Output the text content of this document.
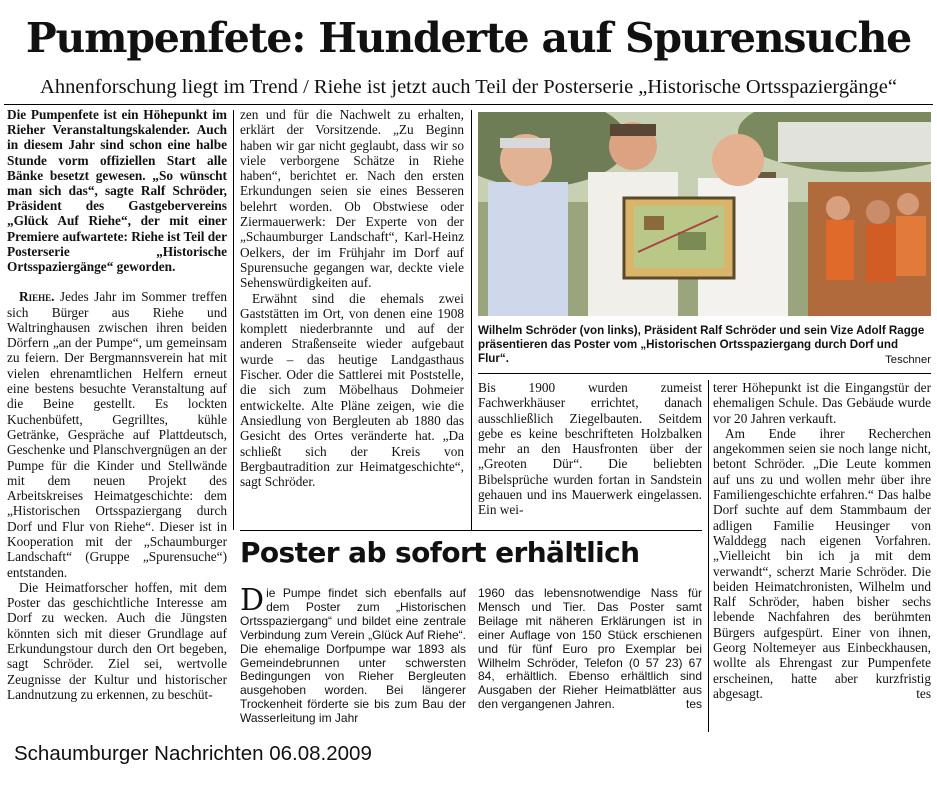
Pumpenfete: Hunderte auf Spurensuche
Ahnenforschung liegt im Trend / Riehe ist jetzt auch Teil der Posterserie „Historische Ortsspaziergänge“

Die Pumpenfete ist ein Höhepunkt im Rieher Veranstaltungskalender. Auch in diesem Jahr sind schon eine halbe Stunde vorm offiziellen Start alle Bänke besetzt gewesen. „So wünscht man sich das“, sagte Ralf Schröder, Präsident des Gastgebervereins „Glück Auf Riehe“, der mit einer Premiere aufwartete: Riehe ist Teil der Posterserie „Historische Ortsspaziergänge“ geworden.

Riehe. Jedes Jahr im Sommer treffen sich Bürger aus Riehe und Waltringhausen zwischen ihren beiden Dörfern „an der Pumpe“, um gemeinsam zu feiern. Der Bergmannsverein hat mit vielen ehrenamtlichen Helfern erneut eine bestens besuchte Veranstaltung auf die Beine gestellt. Es lockten Kuchenbüfett, Gegrilltes, kühle Getränke, Gespräche auf Plattdeutsch, Geschenke und Planschvergnügen an der Pumpe für die Kinder und Stellwände mit dem neuen Projekt des Arbeitskreises Heimatgeschichte: dem „Historischen Ortsspaziergang durch Dorf und Flur von Riehe“. Dieser ist in Kooperation mit der „Schaumburger Landschaft“ (Gruppe „Spurensuche“) entstanden.

Die Heimatforscher hoffen, mit dem Poster das geschichtliche Interesse am Dorf zu wecken. Auch die Jüngsten könnten sich mit dieser Grundlage auf Erkundungstour durch den Ort begeben, sagt Schröder. Ziel sei, wertvolle Zeugnisse der Kultur und historischer Landnutzung zu erkennen, zu beschüt-

zen und für die Nachwelt zu erhalten, erklärt der Vorsitzende. „Zu Beginn haben wir gar nicht geglaubt, dass wir so viele verborgene Schätze in Riehe haben“, berichtet er. Nach den ersten Erkundungen seien sie eines Besseren belehrt worden. Ob Obstwiese oder Ziermauerwerk: Der Experte von der „Schaumburger Landschaft“, Karl-Heinz Oelkers, der im Frühjahr im Dorf auf Spurensuche gegangen war, deckte viele Sehenswürdigkeiten auf.

Erwähnt sind die ehemals zwei Gaststätten im Ort, von denen eine 1908 komplett niederbrannte und auf der anderen Straßenseite wieder aufgebaut wurde – das heutige Landgasthaus Fischer. Oder die Sattlerei mit Poststelle, die sich zum Möbelhaus Dohmeier entwickelte. Alte Pläne zeigen, wie die Ansiedlung von Bergleuten ab 1880 das Gesicht des Ortes veränderte hat. „Da schließt sich der Kreis von Bergbautradition zur Heimatgeschichte“, sagt Schröder.

Wilhelm Schröder (von links), Präsident Ralf Schröder und sein Vize Adolf Ragge präsentieren das Poster vom „Historischen Ortsspaziergang durch Dorf und Flur“.	Teschner

Bis 1900 wurden zumeist Fachwerkhäuser errichtet, danach ausschließlich Ziegelbauten. Seitdem gebe es keine beschrifteten Holzbalken mehr an den Hausfronten über der „Greoten Dür“. Die beliebten Bibelsprüche wurden fortan in Sandstein gehauen und ins Mauerwerk eingelassen. Ein wei-

terer Höhepunkt ist die Eingangstür der ehemaligen Schule. Das Gebäude wurde vor 20 Jahren verkauft.

Am Ende ihrer Recherchen angekommen seien sie noch lange nicht, betont Schröder. „Die Leute kommen auf uns zu und wollen mehr über ihre Familiengeschichte erfahren.“ Das halbe Dorf suchte auf dem Stammbaum der adligen Familie Heusinger von Walddegg nach eigenen Vorfahren. „Vielleicht bin ich ja mit dem verwandt“, scherzt Marie Schröder. Die beiden Heimatchronisten, Wilhelm und Ralf Schröder, haben bisher sechs lebende Nachfahren des berühmten Bürgers aufgespürt. Einer von ihnen, Georg Noltemeyer aus Einbeckhausen, wollte als Ehrengast zur Pumpenfete erscheinen, hatte aber kurzfristig abgesagt.	tes

Poster ab sofort erhältlich
Die Pumpe findet sich ebenfalls auf dem Poster zum „Historischen Ortsspaziergang“ und bildet eine zentrale Verbindung zum Verein „Glück Auf Riehe“. Die ehemalige Dorfpumpe war 1893 als Gemeindebrunnen unter schwersten Bedingungen von Rieher Bergleuten ausgehoben worden. Bei längerer Trockenheit förderte sie bis zum Bau der Wasserleitung im Jahr

1960 das lebensnotwendige Nass für Mensch und Tier. Das Poster samt Beilage mit näheren Erklärungen ist in einer Auflage von 150 Stück erschienen und für fünf Euro pro Exemplar bei Wilhelm Schröder, Telefon (0 57 23) 67 84, erhältlich. Ebenso erhältlich sind Ausgaben der Rieher Heimatblätter aus den vergangenen Jahren.	tes

Schaumburger Nachrichten 06.08.2009
